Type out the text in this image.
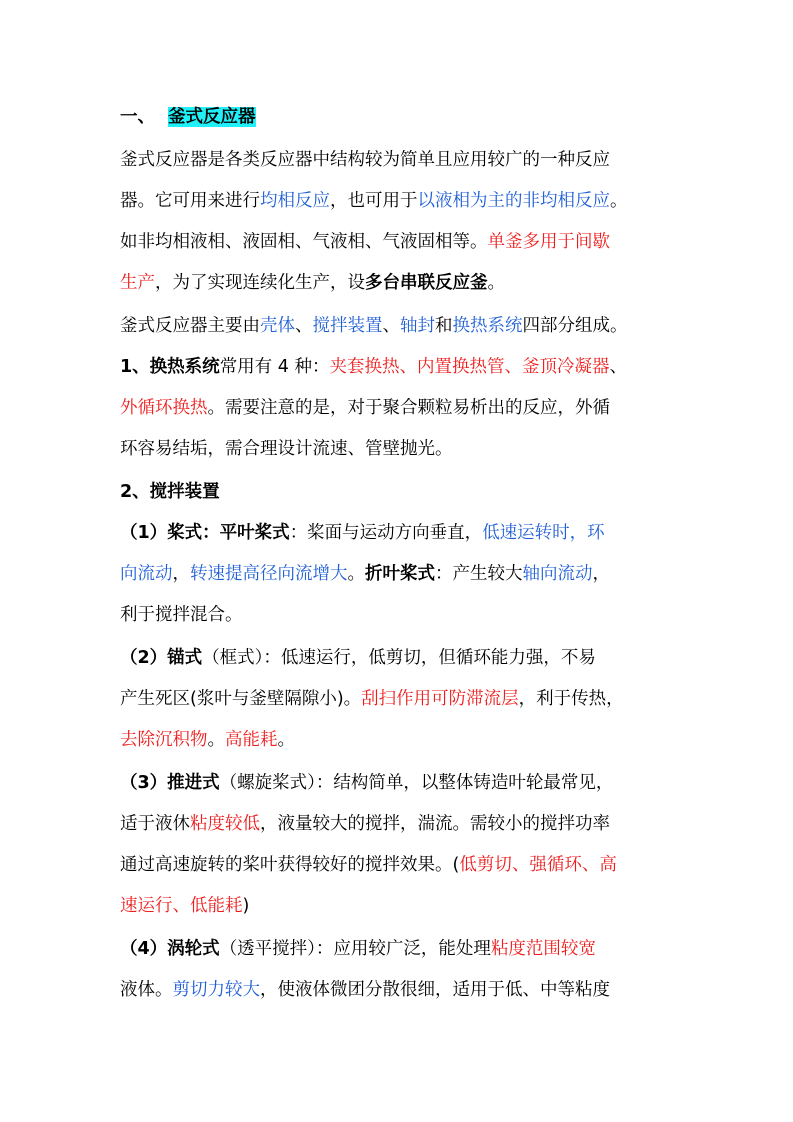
一、 釜式反应器
釜式反应器是各类反应器中结构较为简单且应用较广的一种反应
器。它可用来进行均相反应，也可用于以液相为主的非均相反应。
如非均相液相、液固相、气液相、气液固相等。单釜多用于间歇
生产，为了实现连续化生产，设多台串联反应釜。
釜式反应器主要由壳体、搅拌装置、轴封和换热系统四部分组成。
1、换热系统常用有 4 种：夹套换热、内置换热管、釜顶冷凝器、
外循环换热。需要注意的是，对于聚合颗粒易析出的反应，外循
环容易结垢，需合理设计流速、管壁抛光。
2、搅拌装置
（1）桨式：平叶桨式：桨面与运动方向垂直，低速运转时，环
向流动，转速提高径向流增大。折叶桨式：产生较大轴向流动，
利于搅拌混合。
（2）锚式（框式）：低速运行，低剪切，但循环能力强，不易
产生死区(浆叶与釜壁隔隙小)。刮扫作用可防滞流层，利于传热，
去除沉积物。高能耗。
（3）推进式（螺旋桨式）：结构简单，以整体铸造叶轮最常见，
适于液休粘度较低，液量较大的搅拌，湍流。需较小的搅拌功率
通过高速旋转的桨叶获得较好的搅拌效果。(低剪切、强循环、高
速运行、低能耗)
（4）涡轮式（透平搅拌）：应用较广泛，能处理粘度范围较宽
液体。剪切力较大，使液体微团分散很细，适用于低、中等粘度
